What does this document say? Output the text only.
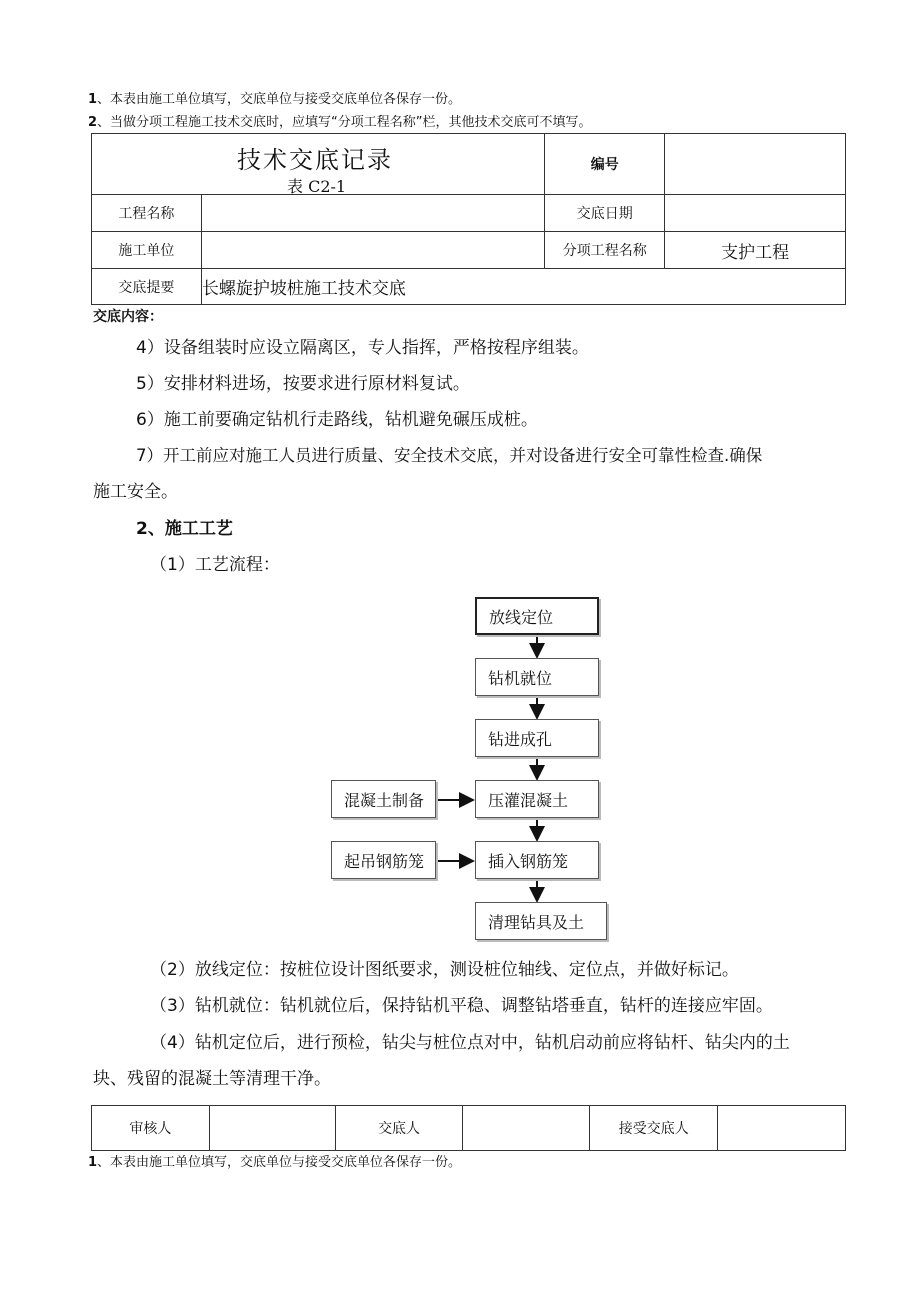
1、本表由施工单位填写，交底单位与接受交底单位各保存一份。
2、当做分项工程施工技术交底时，应填写“分项工程名称”栏，其他技术交底可不填写。
技术交底记录
表 C2-1		编号	
工程名称		交底日期	
施工单位		分项工程名称	支护工程
交底提要	长螺旋护坡桩施工技术交底		
交底内容：
4）设备组装时应设立隔离区，专人指挥，严格按程序组装。
5）安排材料进场，按要求进行原材料复试。
6）施工前要确定钻机行走路线，钻机避免碾压成桩。
7）开工前应对施工人员进行质量、安全技术交底，并对设备进行安全可靠性检查.确保
施工安全。
2、施工工艺
（1）工艺流程：
放线定位
钻机就位
钻进成孔
压灌混凝土
插入钢筋笼
清理钻具及土
混凝土制备
起吊钢筋笼
（2）放线定位：按桩位设计图纸要求，测设桩位轴线、定位点，并做好标记。
（3）钻机就位：钻机就位后，保持钻机平稳、调整钻塔垂直，钻杆的连接应牢固。
（4）钻机定位后，进行预检，钻尖与桩位点对中，钻机启动前应将钻杆、钻尖内的土
块、残留的混凝土等清理干净。
审核人		交底人		接受交底人	
1、本表由施工单位填写，交底单位与接受交底单位各保存一份。
